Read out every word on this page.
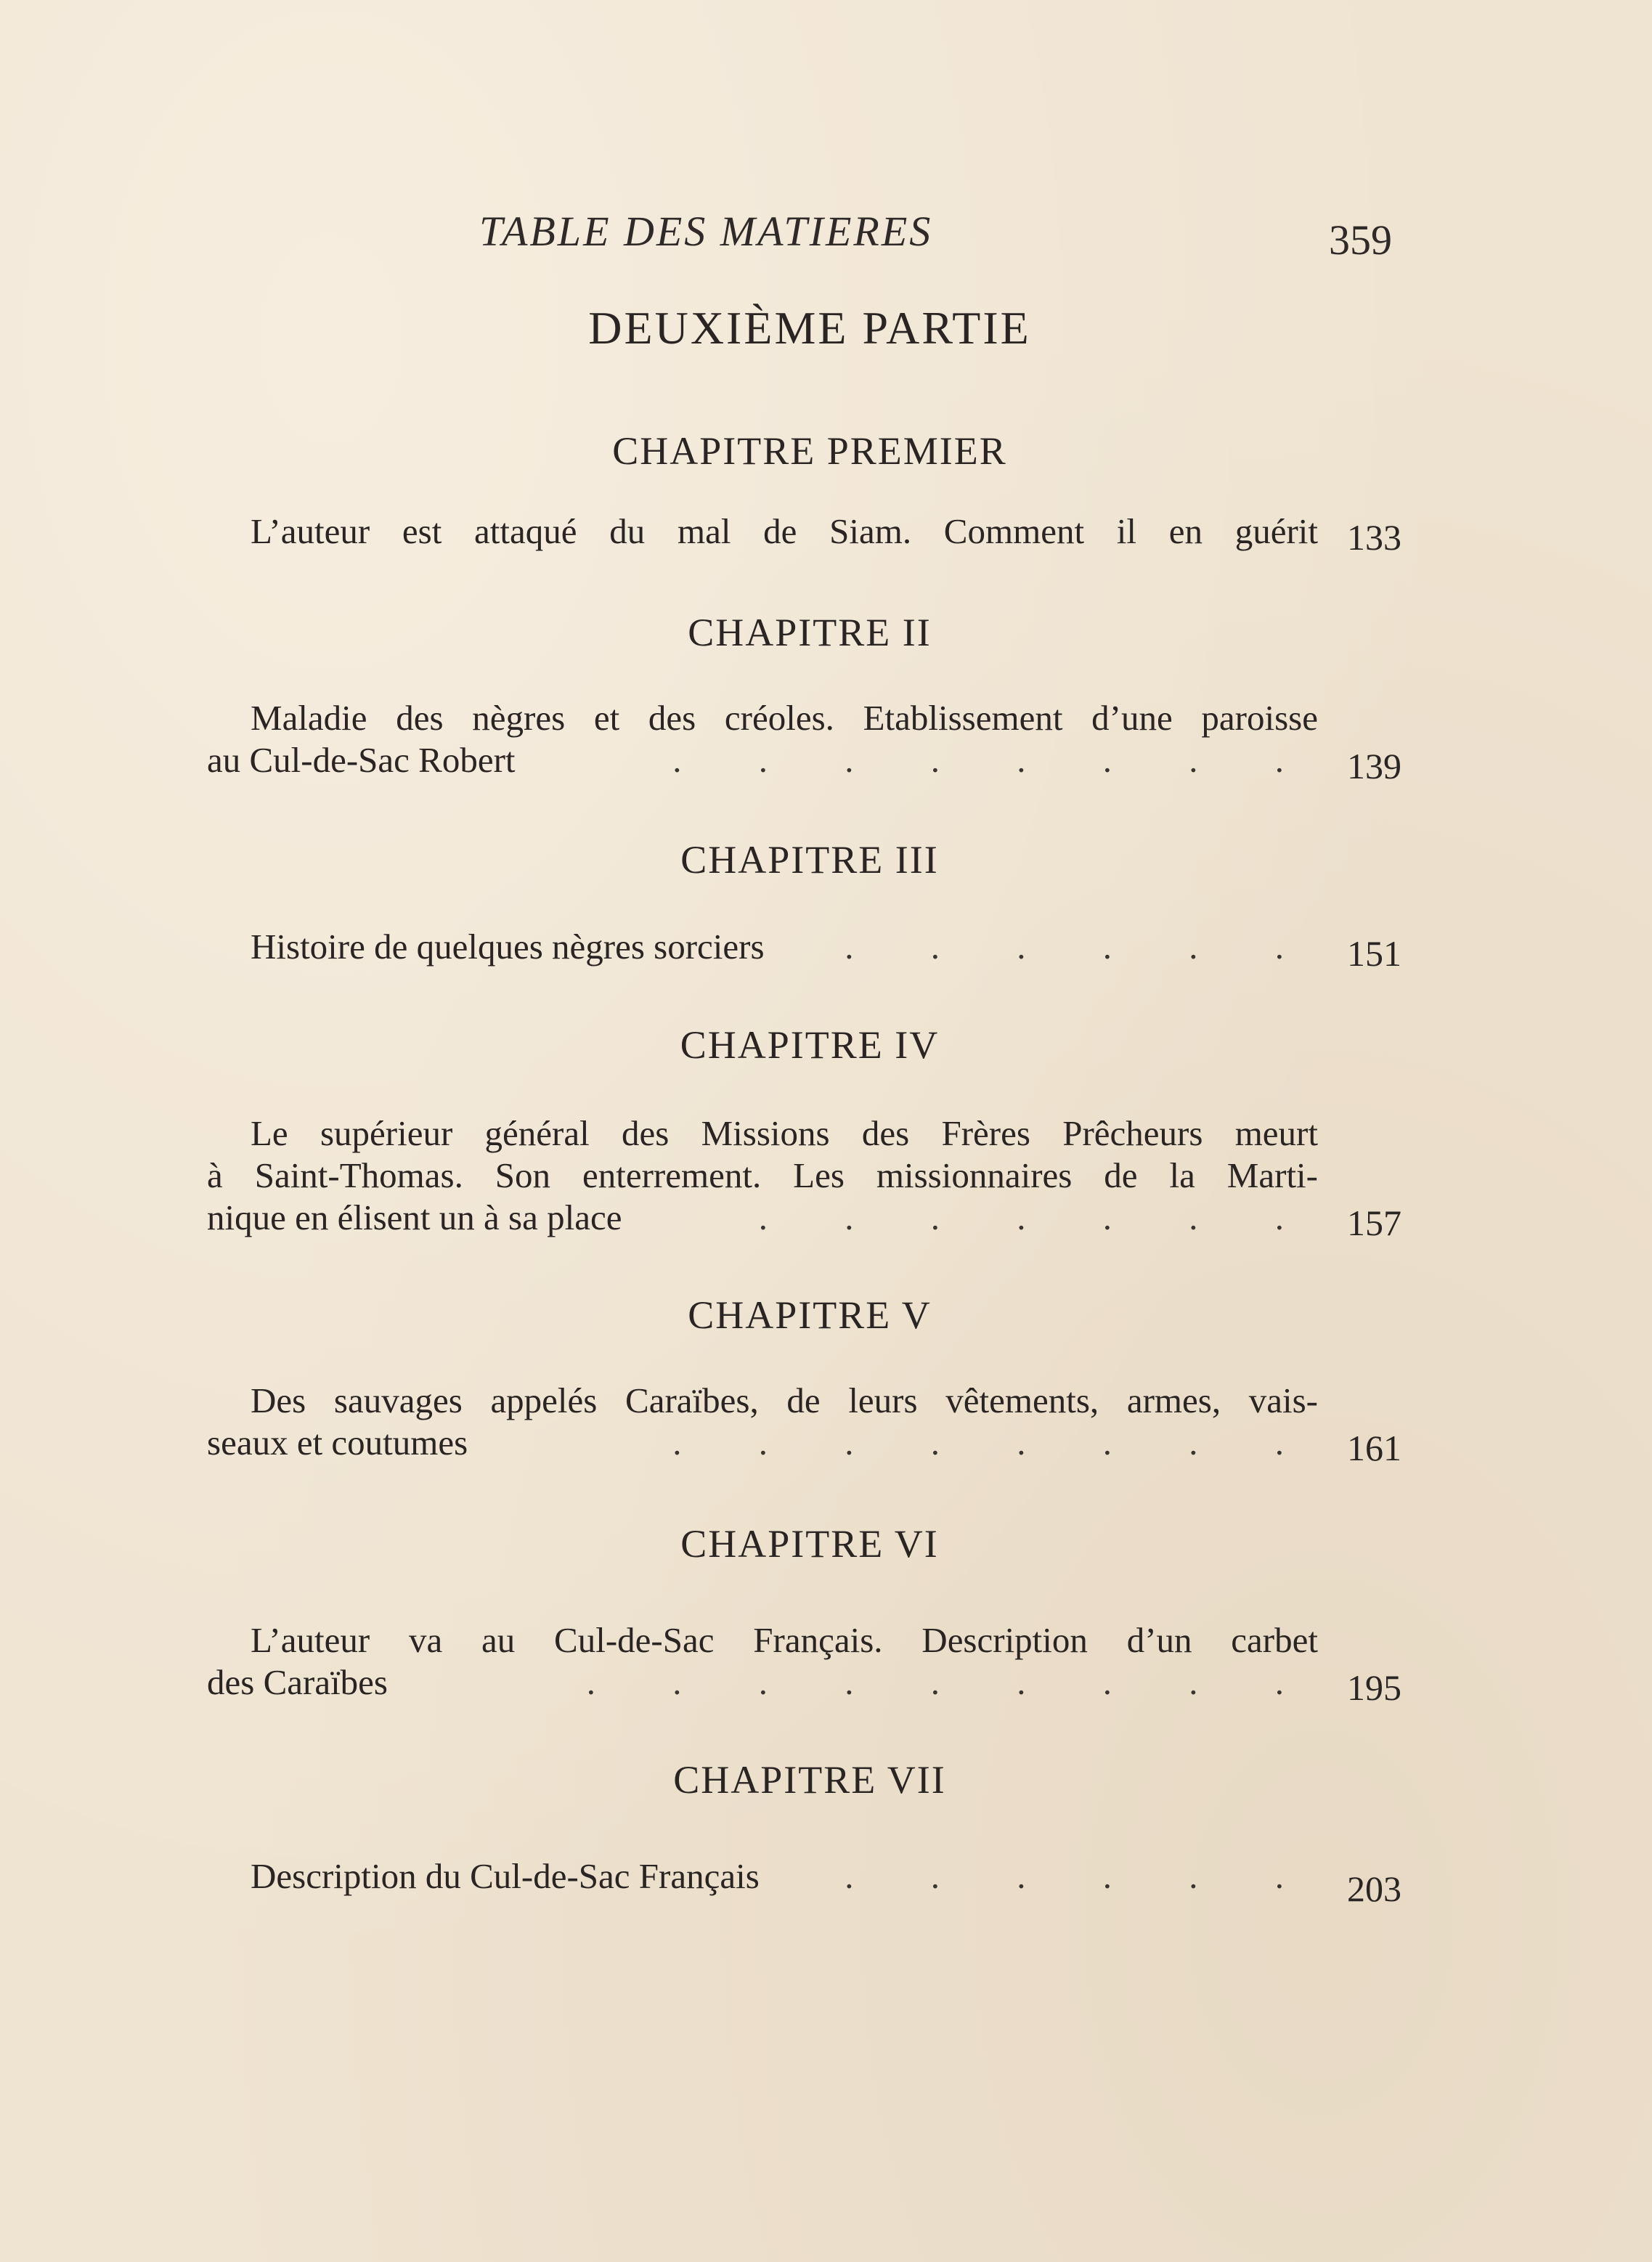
TABLE DES MATIERES	359
DEUXIÈME PARTIE
CHAPITRE PREMIER
L’auteur est attaqué du mal de Siam. Comment il en guérit 133
CHAPITRE II
Maladie des nègres et des créoles. Etablissement d’une paroisse
au Cul-de-Sac Robert	. . . . . . . . 139
CHAPITRE III
Histoire de quelques nègres sorciers	. . . . . . 151
CHAPITRE IV
Le supérieur général des Missions des Frères Prêcheurs meurt
à Saint-Thomas. Son enterrement. Les missionnaires de la Marti-
nique en élisent un à sa place	. . . . . . . 157
CHAPITRE V
Des sauvages appelés Caraïbes, de leurs vêtements, armes, vais-
seaux et coutumes	. . . . . . . . 161
CHAPITRE VI
L’auteur va au Cul-de-Sac Français. Description d’un carbet
des Caraïbes	. . . . . . . . . 195
CHAPITRE VII
Description du Cul-de-Sac Français	. . . . . . 203
